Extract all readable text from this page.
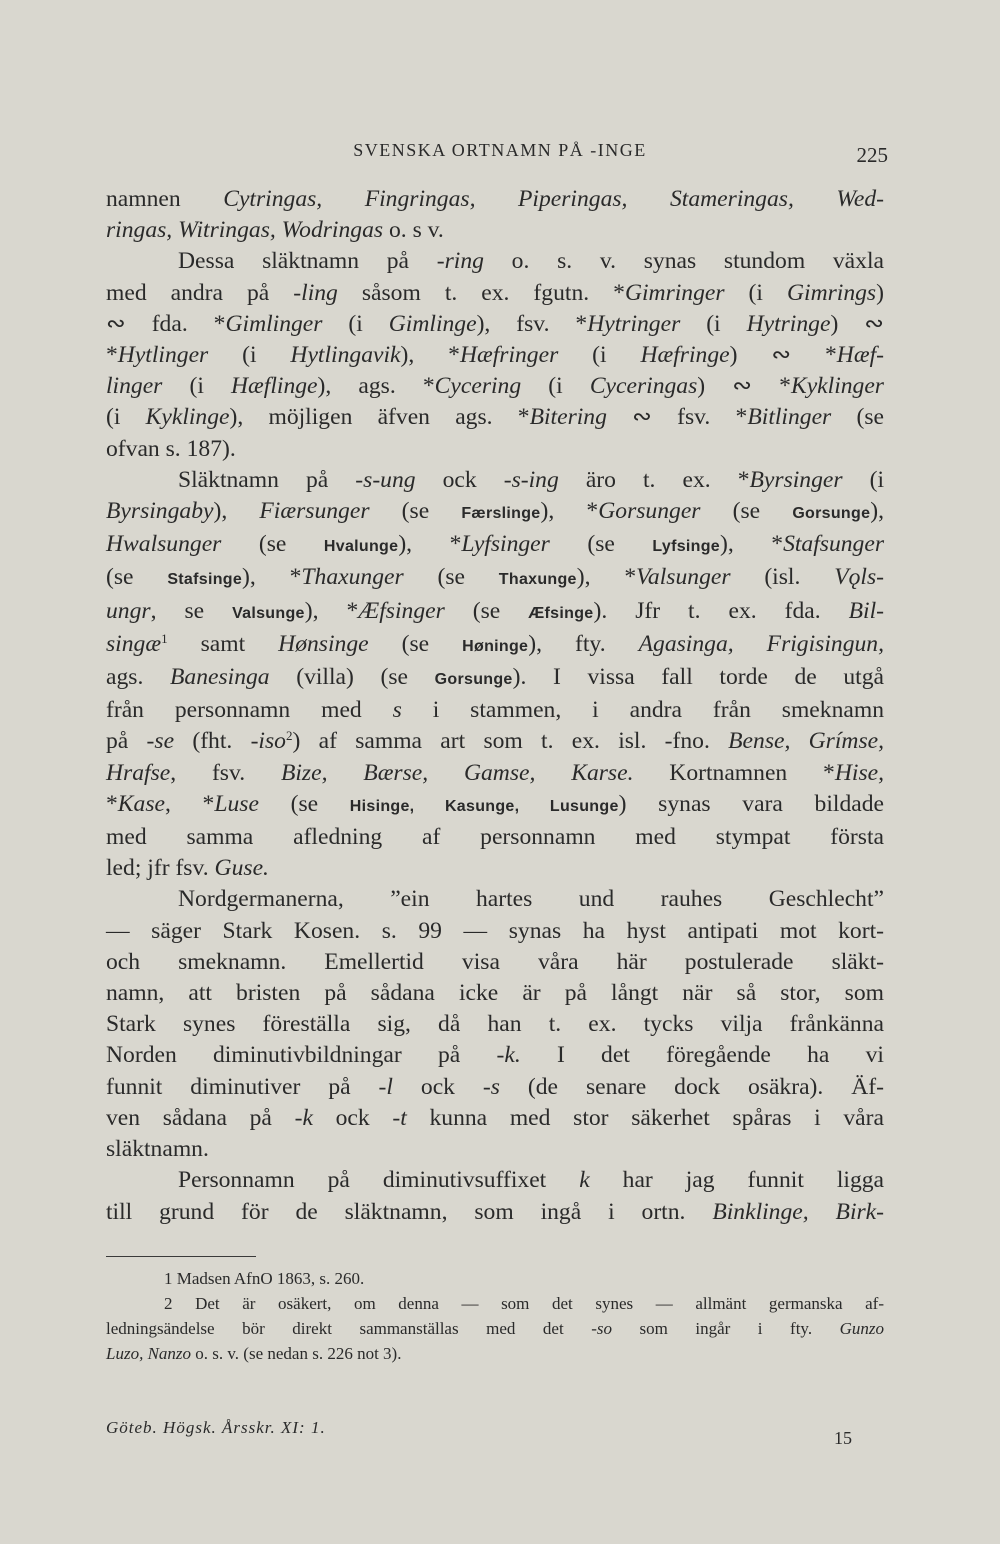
SVENSKA ORTNAMN PÅ -INGE	225
namnen Cytringas, Fingringas, Piperingas, Stameringas, Wed-
ringas, Witringas, Wodringas o. s v.
Dessa släktnamn på -ring o. s. v. synas stundom växla
med andra på -ling såsom t. ex. fgutn. *Gimringer (i Gimrings)
∾ fda. *Gimlinger (i Gimlinge), fsv. *Hytringer (i Hytringe) ∾
*Hytlinger (i Hytlingavik), *Hæfringer (i Hæfringe) ∾ *Hæf-
linger (i Hæflinge), ags. *Cycering (i Cyceringas) ∾ *Kyklinger
(i Kyklinge), möjligen äfven ags. *Bitering ∾ fsv. *Bitlinger (se
ofvan s. 187).
Släktnamn på -s-ung ock -s-ing äro t. ex. *Byrsinger (i
Byrsingaby), Fiærsunger (se Færslinge), *Gorsunger (se Gorsunge),
Hwalsunger (se Hvalunge), *Lyfsinger (se Lyfsinge), *Stafsunger
(se Stafsinge), *Thaxunger (se Thaxunge), *Valsunger (isl. Vǫls-
ungr, se Valsunge), *Æfsinger (se Æfsinge). Jfr t. ex. fda. Bil-
singæ$^1$ samt Hønsinge (se Høninge), fty. Agasinga, Frigisingun,
ags. Banesinga (villa) (se Gorsunge). I vissa fall torde de utgå
från personnamn med s i stammen, i andra från smeknamn
på -se (fht. -iso$^2$) af samma art som t. ex. isl. -fno. Bense, Grímse,
Hrafse, fsv. Bize, Bærse, Gamse, Karse. Kortnamnen *Hise,
*Kase, *Luse (se Hisinge, Kasunge, Lusunge) synas vara bildade
med samma afledning af personnamn med stympat första
led; jfr fsv. Guse.
Nordgermanerna, ”ein hartes und rauhes Geschlecht”
— säger Stark Kosen. s. 99 — synas ha hyst antipati mot kort-
och smeknamn. Emellertid visa våra här postulerade släkt-
namn, att bristen på sådana icke är på långt när så stor, som
Stark synes föreställa sig, då han t. ex. tycks vilja frånkänna
Norden diminutivbildningar på -k. I det föregående ha vi
funnit diminutiver på -l ock -s (de senare dock osäkra). Äf-
ven sådana på -k ock -t kunna med stor säkerhet spåras i våra
släktnamn.
Personnamn på diminutivsuffixet k har jag funnit ligga
till grund för de släktnamn, som ingå i ortn. Binklinge, Birk-
1 Madsen AfnO 1863, s. 260.
2 Det är osäkert, om denna — som det synes — allmänt germanska af-
ledningsändelse bör direkt sammanställas med det -so som ingår i fty. Gunzo
Luzo, Nanzo o. s. v. (se nedan s. 226 not 3).
Göteb. Högsk. Årsskr. XI: 1.
15
